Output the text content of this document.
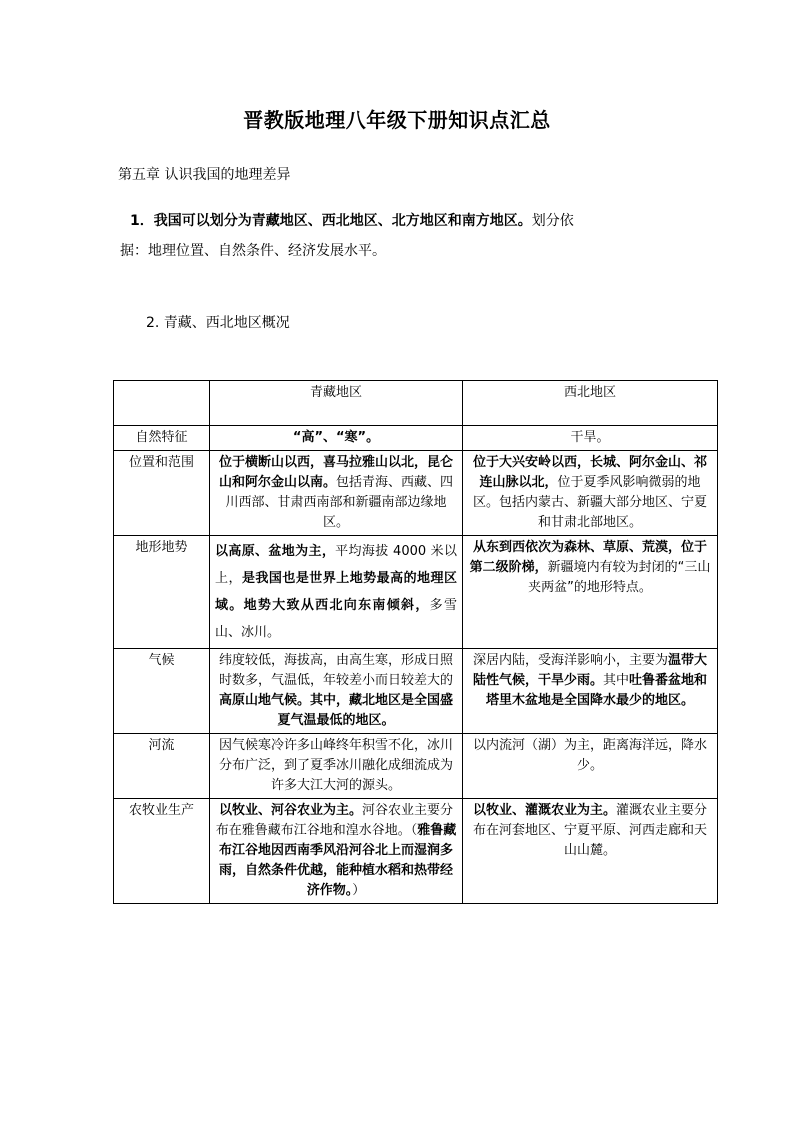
晋教版地理八年级下册知识点汇总
第五章 认识我国的地理差异
1．我国可以划分为青藏地区、西北地区、北方地区和南方地区。划分依
据：地理位置、自然条件、经济发展水平。
2. 青藏、西北地区概况
	青藏地区	西北地区
自然特征	“高”、“寒”。	干旱。
位置和范围	位于横断山以西，喜马拉雅山以北，昆仑山和阿尔金山以南。包括青海、西藏、四川西部、甘肃西南部和新疆南部边缘地区。	位于大兴安岭以西，长城、阿尔金山、祁连山脉以北，位于夏季风影响微弱的地区。包括内蒙古、新疆大部分地区、宁夏和甘肃北部地区。
地形地势	以高原、盆地为主，平均海拔 4000 米以上，是我国也是世界上地势最高的地理区域。地势大致从西北向东南倾斜，多雪山、冰川。	从东到西依次为森林、草原、荒漠，位于第二级阶梯，新疆境内有较为封闭的“三山夹两盆”的地形特点。
气候	纬度较低，海拔高，由高生寒，形成日照时数多，气温低，年较差小而日较差大的高原山地气候。其中，藏北地区是全国盛夏气温最低的地区。	深居内陆，受海洋影响小，主要为温带大陆性气候，干旱少雨。其中吐鲁番盆地和塔里木盆地是全国降水最少的地区。
河流	因气候寒冷许多山峰终年积雪不化，冰川分布广泛，到了夏季冰川融化成细流成为许多大江大河的源头。	以内流河（湖）为主，距离海洋远，降水少。
农牧业生产	以牧业、河谷农业为主。河谷农业主要分布在雅鲁藏布江谷地和湟水谷地。（雅鲁藏布江谷地因西南季风沿河谷北上而湿润多雨，自然条件优越，能种植水稻和热带经济作物。）	以牧业、灌溉农业为主。灌溉农业主要分布在河套地区、宁夏平原、河西走廊和天山山麓。
